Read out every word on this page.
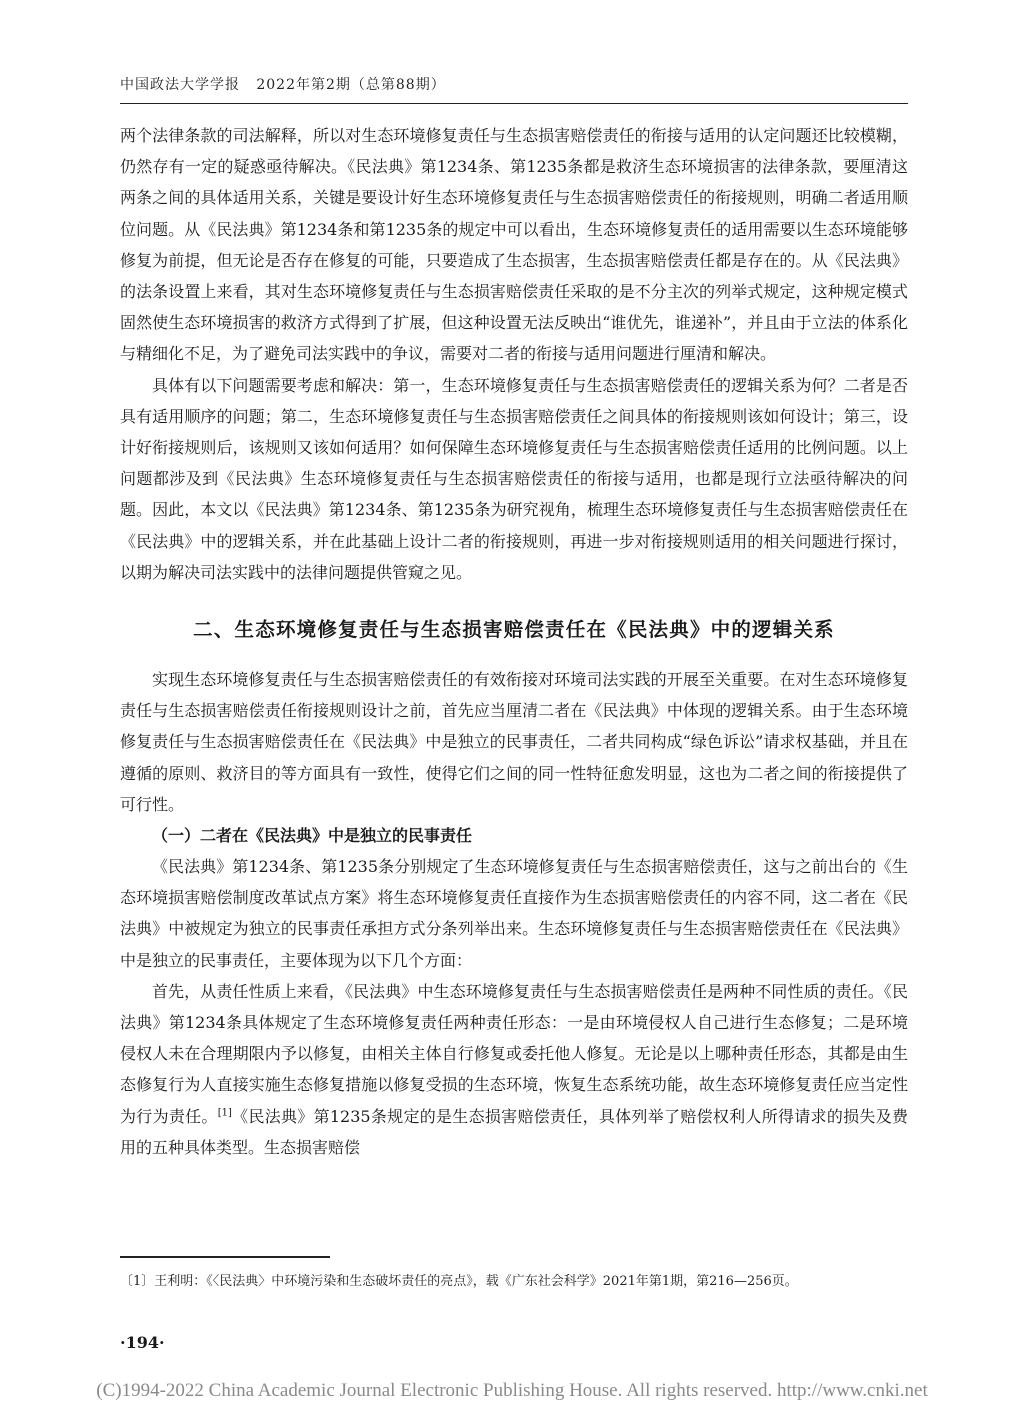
中国政法大学学报 2022年第2期（总第88期）

两个法律条款的司法解释，所以对生态环境修复责任与生态损害赔偿责任的衔接与适用的认定问题还比较模糊，仍然存有一定的疑惑亟待解决。《民法典》第1234条、第1235条都是救济生态环境损害的法律条款，要厘清这两条之间的具体适用关系，关键是要设计好生态环境修复责任与生态损害赔偿责任的衔接规则，明确二者适用顺位问题。从《民法典》第1234条和第1235条的规定中可以看出，生态环境修复责任的适用需要以生态环境能够修复为前提，但无论是否存在修复的可能，只要造成了生态损害，生态损害赔偿责任都是存在的。从《民法典》的法条设置上来看，其对生态环境修复责任与生态损害赔偿责任采取的是不分主次的列举式规定，这种规定模式固然使生态环境损害的救济方式得到了扩展，但这种设置无法反映出“谁优先，谁递补”，并且由于立法的体系化与精细化不足，为了避免司法实践中的争议，需要对二者的衔接与适用问题进行厘清和解决。

具体有以下问题需要考虑和解决：第一，生态环境修复责任与生态损害赔偿责任的逻辑关系为何？二者是否具有适用顺序的问题；第二，生态环境修复责任与生态损害赔偿责任之间具体的衔接规则该如何设计；第三，设计好衔接规则后，该规则又该如何适用？如何保障生态环境修复责任与生态损害赔偿责任适用的比例问题。以上问题都涉及到《民法典》生态环境修复责任与生态损害赔偿责任的衔接与适用，也都是现行立法亟待解决的问题。因此，本文以《民法典》第1234条、第1235条为研究视角，梳理生态环境修复责任与生态损害赔偿责任在《民法典》中的逻辑关系，并在此基础上设计二者的衔接规则，再进一步对衔接规则适用的相关问题进行探讨，以期为解决司法实践中的法律问题提供管窥之见。

二、生态环境修复责任与生态损害赔偿责任在《民法典》中的逻辑关系

实现生态环境修复责任与生态损害赔偿责任的有效衔接对环境司法实践的开展至关重要。在对生态环境修复责任与生态损害赔偿责任衔接规则设计之前，首先应当厘清二者在《民法典》中体现的逻辑关系。由于生态环境修复责任与生态损害赔偿责任在《民法典》中是独立的民事责任，二者共同构成“绿色诉讼”请求权基础，并且在遵循的原则、救济目的等方面具有一致性，使得它们之间的同一性特征愈发明显，这也为二者之间的衔接提供了可行性。

（一）二者在《民法典》中是独立的民事责任

《民法典》第1234条、第1235条分别规定了生态环境修复责任与生态损害赔偿责任，这与之前出台的《生态环境损害赔偿制度改革试点方案》将生态环境修复责任直接作为生态损害赔偿责任的内容不同，这二者在《民法典》中被规定为独立的民事责任承担方式分条列举出来。生态环境修复责任与生态损害赔偿责任在《民法典》中是独立的民事责任，主要体现为以下几个方面：

首先，从责任性质上来看，《民法典》中生态环境修复责任与生态损害赔偿责任是两种不同性质的责任。《民法典》第1234条具体规定了生态环境修复责任两种责任形态：一是由环境侵权人自己进行生态修复；二是环境侵权人未在合理期限内予以修复，由相关主体自行修复或委托他人修复。无论是以上哪种责任形态，其都是由生态修复行为人直接实施生态修复措施以修复受损的生态环境，恢复生态系统功能，故生态环境修复责任应当定性为行为责任。[1]《民法典》第1235条规定的是生态损害赔偿责任，具体列举了赔偿权利人所得请求的损失及费用的五种具体类型。生态损害赔偿

〔1〕王利明：《〈民法典〉中环境污染和生态破坏责任的亮点》，载《广东社会科学》2021年第1期，第216—256页。
·194·
(C)1994-2022 China Academic Journal Electronic Publishing House. All rights reserved. http://www.cnki.net
